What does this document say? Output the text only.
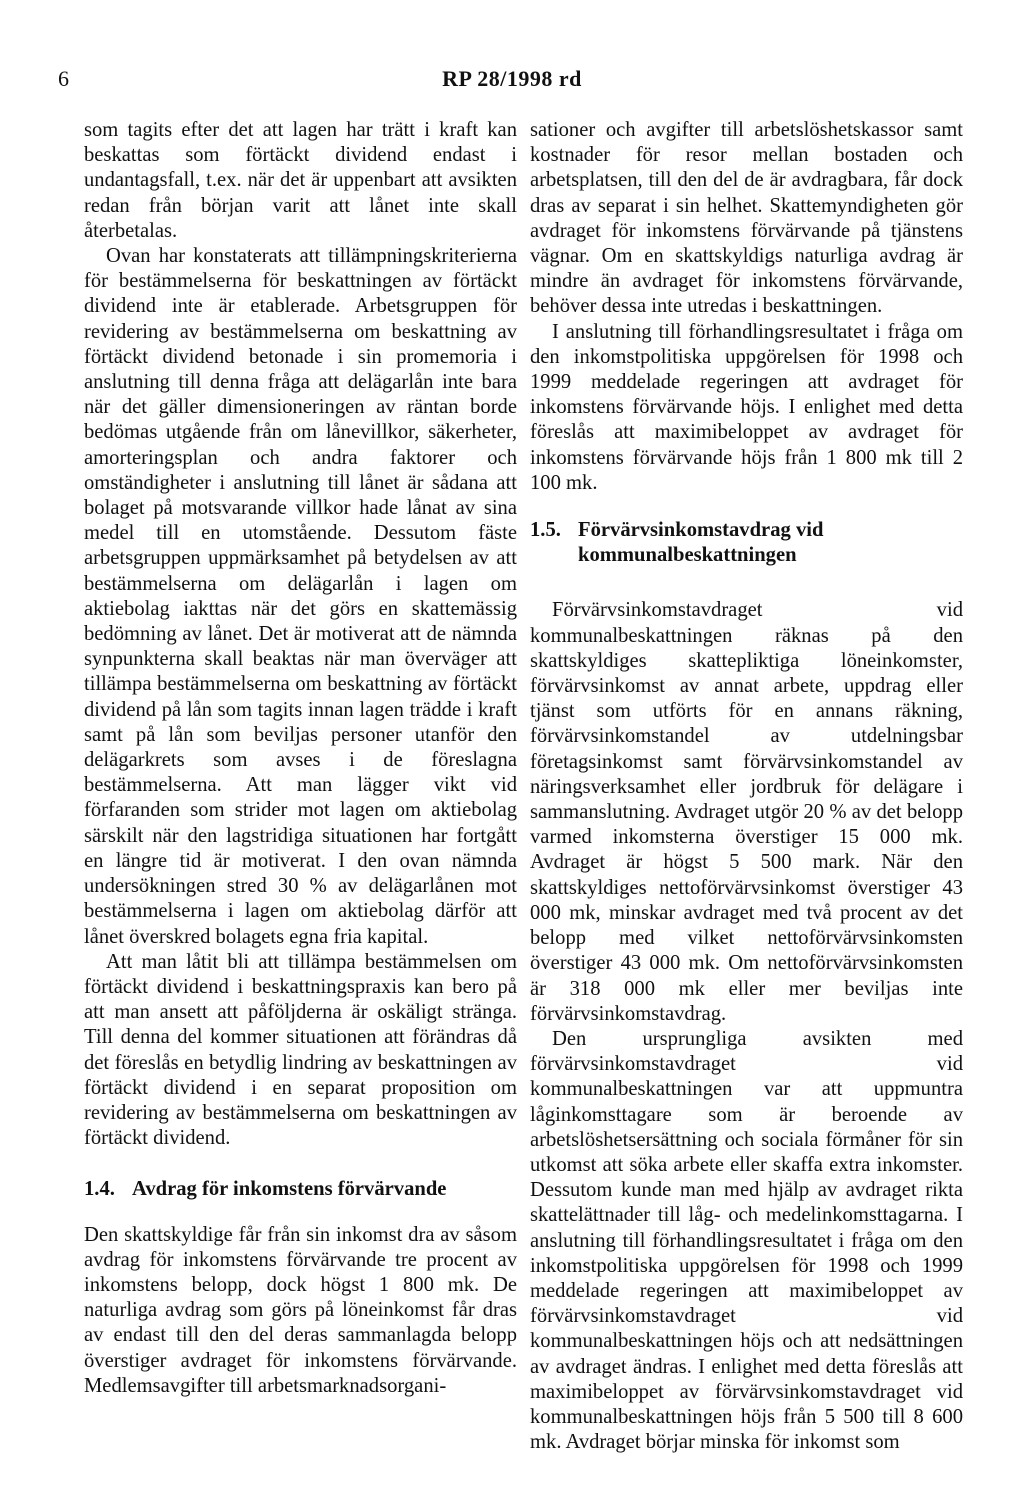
6	RP 28/1998 rd

som tagits efter det att lagen har trätt i kraft kan beskattas som förtäckt dividend endast i undantagsfall, t.ex. när det är uppenbart att avsikten redan från början varit att lånet inte skall återbetalas.

Ovan har konstaterats att tillämpningskriterierna för bestämmelserna för beskattningen av förtäckt dividend inte är etablerade. Arbetsgruppen för revidering av bestämmelserna om beskattning av förtäckt dividend betonade i sin promemoria i anslutning till denna fråga att delägarlån inte bara när det gäller dimensioneringen av räntan borde bedömas utgående från om lånevillkor, säkerheter, amorteringsplan och andra faktorer och omständigheter i anslutning till lånet är sådana att bolaget på motsvarande villkor hade lånat av sina medel till en utomstående. Dessutom fäste arbetsgruppen uppmärksamhet på betydelsen av att bestämmelserna om delägarlån i lagen om aktiebolag iakttas när det görs en skattemässig bedömning av lånet. Det är motiverat att de nämnda synpunkterna skall beaktas när man överväger att tillämpa bestämmelserna om beskattning av förtäckt dividend på lån som tagits innan lagen trädde i kraft samt på lån som beviljas personer utanför den delägarkrets som avses i de föreslagna bestämmelserna. Att man lägger vikt vid förfaranden som strider mot lagen om aktiebolag särskilt när den lagstridiga situationen har fortgått en längre tid är motiverat. I den ovan nämnda undersökningen stred 30 % av delägarlånen mot bestämmelserna i lagen om aktiebolag därför att lånet överskred bolagets egna fria kapital.

Att man låtit bli att tillämpa bestämmelsen om förtäckt dividend i beskattningspraxis kan bero på att man ansett att påföljderna är oskäligt stränga. Till denna del kommer situationen att förändras då det föreslås en betydlig lindring av beskattningen av förtäckt dividend i en separat proposition om revidering av bestämmelserna om beskattningen av förtäckt dividend.

1.4. Avdrag för inkomstens förvärvande

Den skattskyldige får från sin inkomst dra av såsom avdrag för inkomstens förvärvande tre procent av inkomstens belopp, dock högst 1 800 mk. De naturliga avdrag som görs på löneinkomst får dras av endast till den del deras sammanlagda belopp överstiger avdraget för inkomstens förvärvande. Medlemsavgifter till arbetsmarknadsorgani-

sationer och avgifter till arbetslöshetskassor samt kostnader för resor mellan bostaden och arbetsplatsen, till den del de är avdragbara, får dock dras av separat i sin helhet. Skattemyndigheten gör avdraget för inkomstens förvärvande på tjänstens vägnar. Om en skattskyldigs naturliga avdrag är mindre än avdraget för inkomstens förvärvande, behöver dessa inte utredas i beskattningen.

I anslutning till förhandlingsresultatet i fråga om den inkomstpolitiska uppgörelsen för 1998 och 1999 meddelade regeringen att avdraget för inkomstens förvärvande höjs. I enlighet med detta föreslås att maximibeloppet av avdraget för inkomstens förvärvande höjs från 1 800 mk till 2 100 mk.

1.5. Förvärvsinkomstavdrag vid kommunalbeskattningen

Förvärvsinkomstavdraget vid kommunalbeskattningen räknas på den skattskyldiges skattepliktiga löneinkomster, förvärvsinkomst av annat arbete, uppdrag eller tjänst som utförts för en annans räkning, förvärvsinkomstandel av utdelningsbar företagsinkomst samt förvärvsinkomstandel av näringsverksamhet eller jordbruk för delägare i sammanslutning. Avdraget utgör 20 % av det belopp varmed inkomsterna överstiger 15 000 mk. Avdraget är högst 5 500 mark. När den skattskyldiges nettoförvärvsinkomst överstiger 43 000 mk, minskar avdraget med två procent av det belopp med vilket nettoförvärvsinkomsten överstiger 43 000 mk. Om nettoförvärvsinkomsten är 318 000 mk eller mer beviljas inte förvärvsinkomstavdrag.

Den ursprungliga avsikten med förvärvsinkomstavdraget vid kommunalbeskattningen var att uppmuntra låginkomsttagare som är beroende av arbetslöshetsersättning och sociala förmåner för sin utkomst att söka arbete eller skaffa extra inkomster. Dessutom kunde man med hjälp av avdraget rikta skattelättnader till låg- och medelinkomsttagarna. I anslutning till förhandlingsresultatet i fråga om den inkomstpolitiska uppgörelsen för 1998 och 1999 meddelade regeringen att maximibeloppet av förvärvsinkomstavdraget vid kommunalbeskattningen höjs och att nedsättningen av avdraget ändras. I enlighet med detta föreslås att maximibeloppet av förvärvsinkomstavdraget vid kommunalbeskattningen höjs från 5 500 till 8 600 mk. Avdraget börjar minska för inkomst som
